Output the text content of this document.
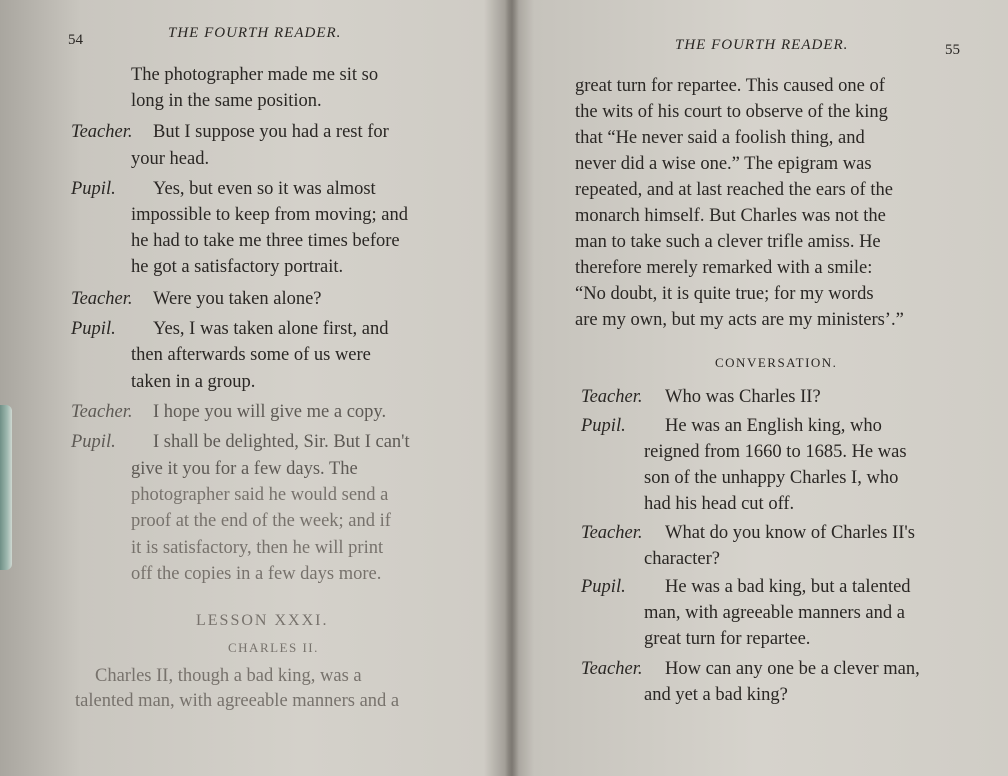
54	THE FOURTH READER.
The photographer made me sit so
long in the same position.
Teacher. But I suppose you had a rest for
your head.
Pupil. Yes, but even so it was almost
impossible to keep from moving; and
he had to take me three times before
he got a satisfactory portrait.
Teacher. Were you taken alone?
Pupil. Yes, I was taken alone first, and
then afterwards some of us were
taken in a group.
Teacher. I hope you will give me a copy.
Pupil. I shall be delighted, Sir. But I can't
give it you for a few days. The
photographer said he would send a
proof at the end of the week; and if
it is satisfactory, then he will print
off the copies in a few days more.
LESSON XXXI.
CHARLES II.
Charles II, though a bad king, was a
talented man, with agreeable manners and a
THE FOURTH READER.	55
great turn for repartee. This caused one of
the wits of his court to observe of the king
that “He never said a foolish thing, and
never did a wise one.” The epigram was
repeated, and at last reached the ears of the
monarch himself. But Charles was not the
man to take such a clever trifle amiss. He
therefore merely remarked with a smile:
“No doubt, it is quite true; for my words
are my own, but my acts are my ministers’.”
CONVERSATION.
Teacher. Who was Charles II?
Pupil. He was an English king, who
reigned from 1660 to 1685. He was
son of the unhappy Charles I, who
had his head cut off.
Teacher. What do you know of Charles II's
character?
Pupil. He was a bad king, but a talented
man, with agreeable manners and a
great turn for repartee.
Teacher. How can any one be a clever man,
and yet a bad king?
